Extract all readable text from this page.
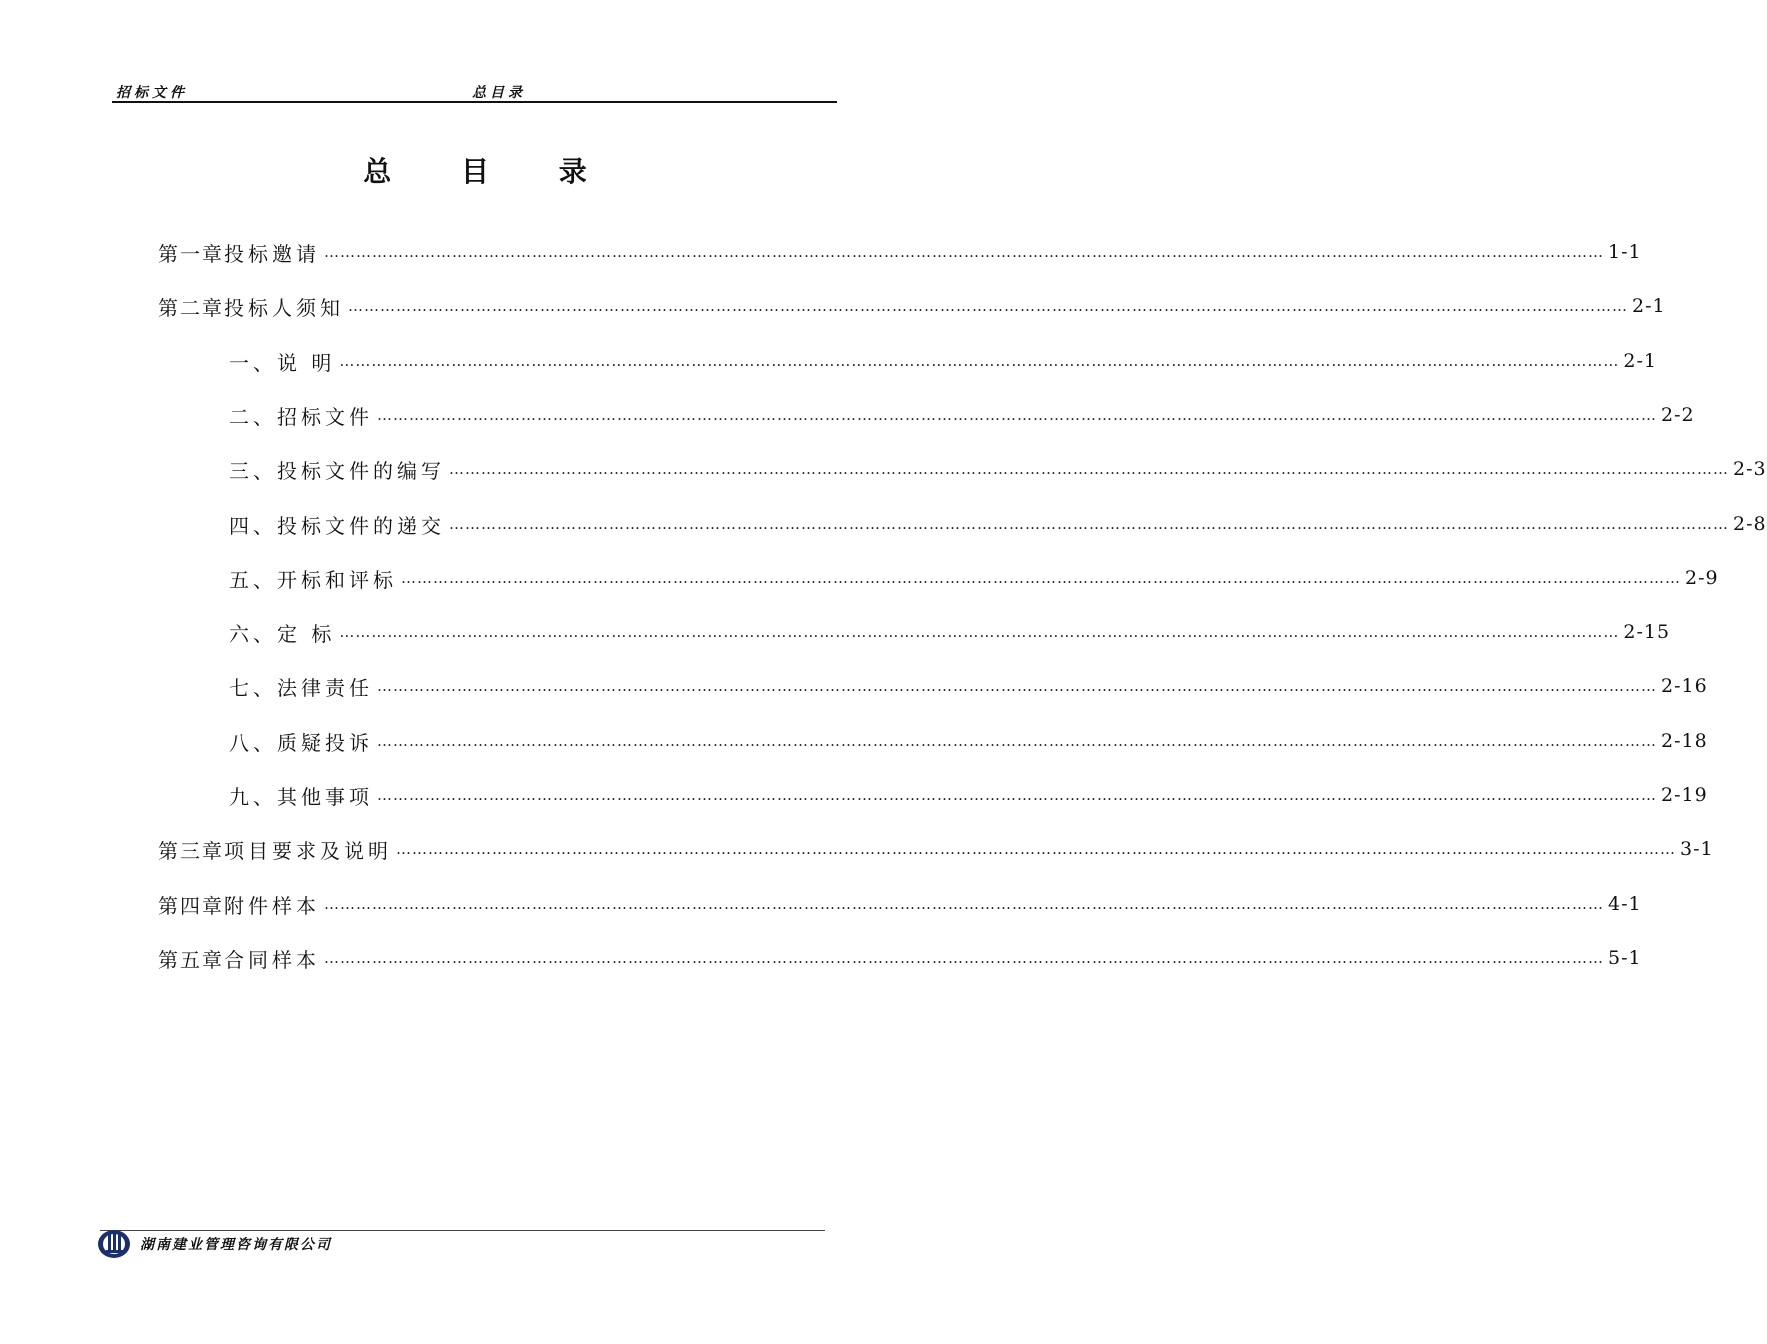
招标文件	总目录
总 目 录
第一章 投标邀请 …………………………………………………………………………………………………………………………………………………………………………………………………………………… 1-1
第二章 投标人须知 …………………………………………………………………………………………………………………………………………………………………………………………………………………… 2-1
一、说 明 …………………………………………………………………………………………………………………………………………………………………………………………………………………… 2-1
二、招标文件 …………………………………………………………………………………………………………………………………………………………………………………………………………………… 2-2
三、投标文件的编写 …………………………………………………………………………………………………………………………………………………………………………………………………………………… 2-3
四、投标文件的递交 …………………………………………………………………………………………………………………………………………………………………………………………………………………… 2-8
五、开标和评标 …………………………………………………………………………………………………………………………………………………………………………………………………………………… 2-9
六、定 标 …………………………………………………………………………………………………………………………………………………………………………………………………………………… 2-15
七、法律责任 …………………………………………………………………………………………………………………………………………………………………………………………………………………… 2-16
八、质疑投诉 …………………………………………………………………………………………………………………………………………………………………………………………………………………… 2-18
九、其他事项 …………………………………………………………………………………………………………………………………………………………………………………………………………………… 2-19
第三章 项目要求及说明 …………………………………………………………………………………………………………………………………………………………………………………………………………………… 3-1
第四章 附件样本 …………………………………………………………………………………………………………………………………………………………………………………………………………………… 4-1
第五章 合同样本 …………………………………………………………………………………………………………………………………………………………………………………………………………………… 5-1
湖南建业管理咨询有限公司
